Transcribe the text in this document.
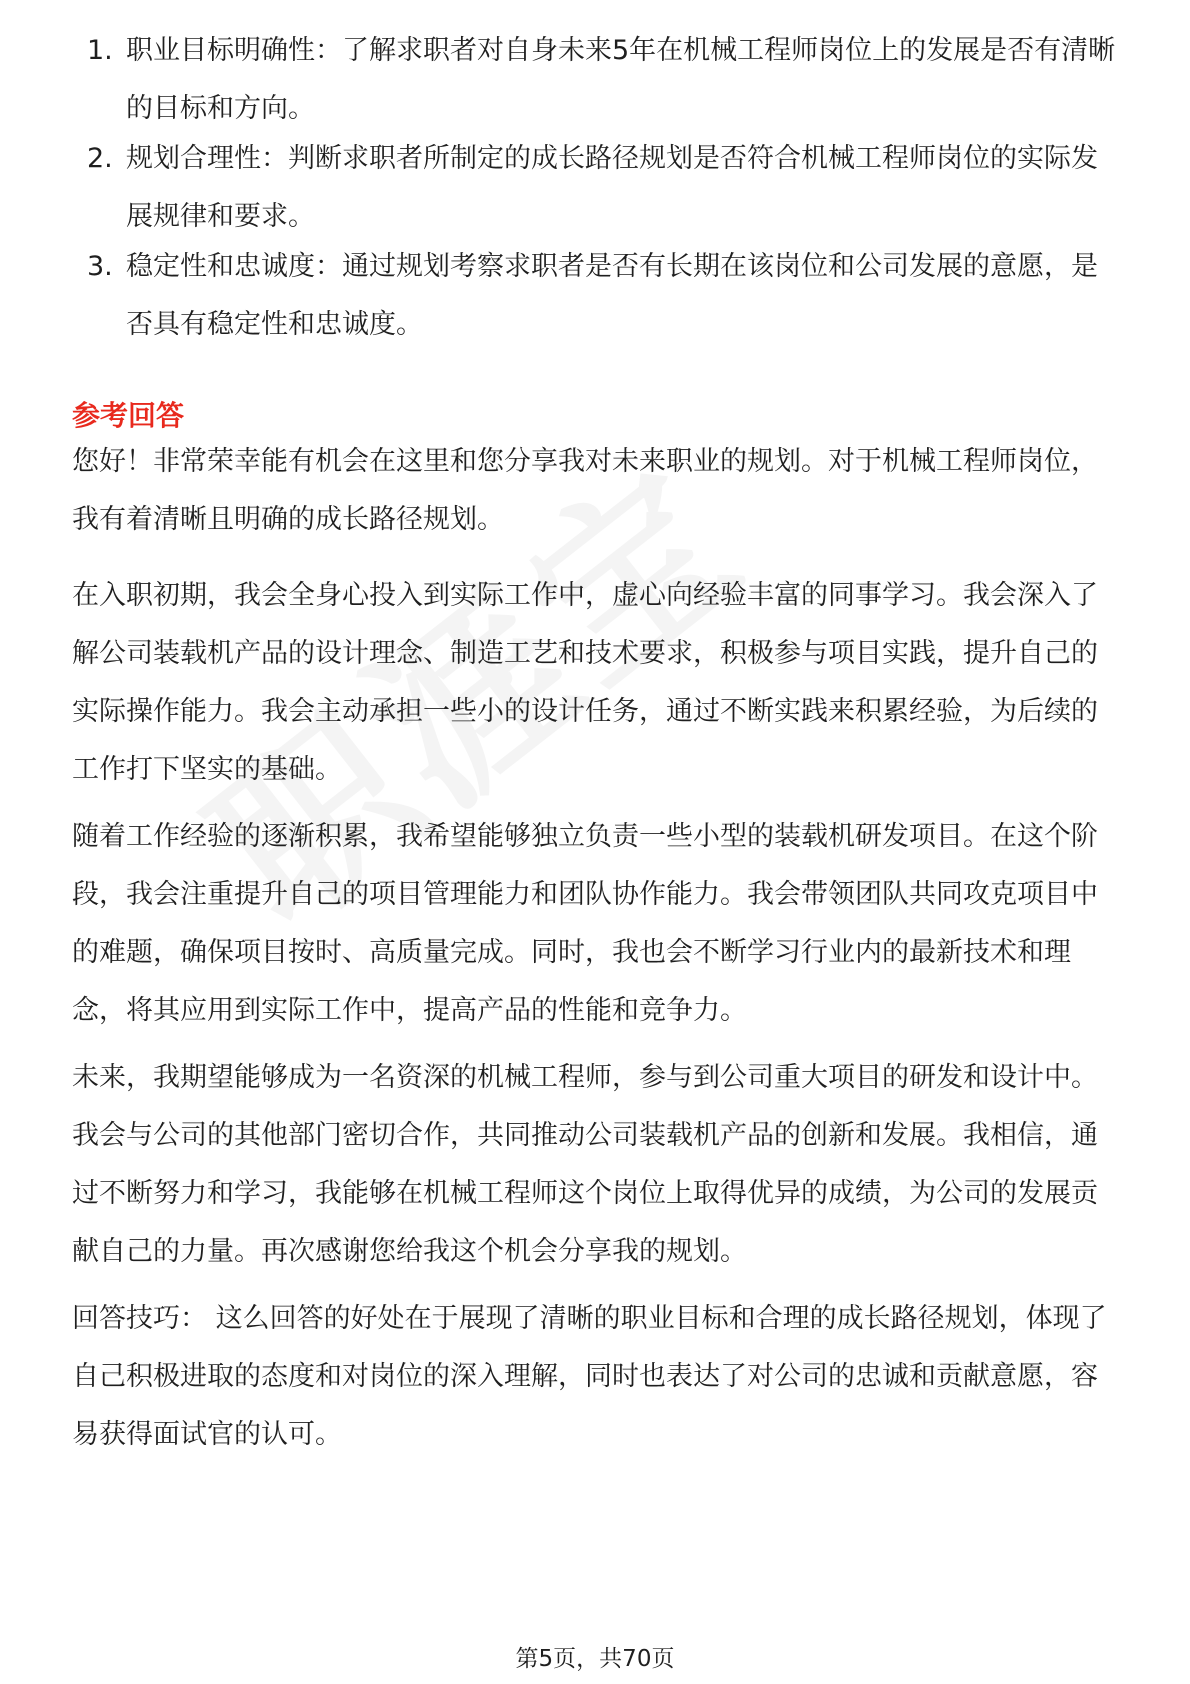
1. 职业目标明确性：了解求职者对自身未来5年在机械工程师岗位上的发展是否有清晰的目标和方向。

2. 规划合理性：判断求职者所制定的成长路径规划是否符合机械工程师岗位的实际发展规律和要求。

3. 稳定性和忠诚度：通过规划考察求职者是否有长期在该岗位和公司发展的意愿，是否具有稳定性和忠诚度。

参考回答

您好！非常荣幸能有机会在这里和您分享我对未来职业的规划。对于机械工程师岗位，我有着清晰且明确的成长路径规划。

在入职初期，我会全身心投入到实际工作中，虚心向经验丰富的同事学习。我会深入了解公司装载机产品的设计理念、制造工艺和技术要求，积极参与项目实践，提升自己的实际操作能力。我会主动承担一些小的设计任务，通过不断实践来积累经验，为后续的工作打下坚实的基础。

随着工作经验的逐渐积累，我希望能够独立负责一些小型的装载机研发项目。在这个阶段，我会注重提升自己的项目管理能力和团队协作能力。我会带领团队共同攻克项目中的难题，确保项目按时、高质量完成。同时，我也会不断学习行业内的最新技术和理念，将其应用到实际工作中，提高产品的性能和竞争力。

未来，我期望能够成为一名资深的机械工程师，参与到公司重大项目的研发和设计中。我会与公司的其他部门密切合作，共同推动公司装载机产品的创新和发展。我相信，通过不断努力和学习，我能够在机械工程师这个岗位上取得优异的成绩，为公司的发展贡献自己的力量。再次感谢您给我这个机会分享我的规划。

回答技巧： 这么回答的好处在于展现了清晰的职业目标和合理的成长路径规划，体现了自己积极进取的态度和对岗位的深入理解，同时也表达了对公司的忠诚和贡献意愿，容易获得面试官的认可。

第5页，共70页
